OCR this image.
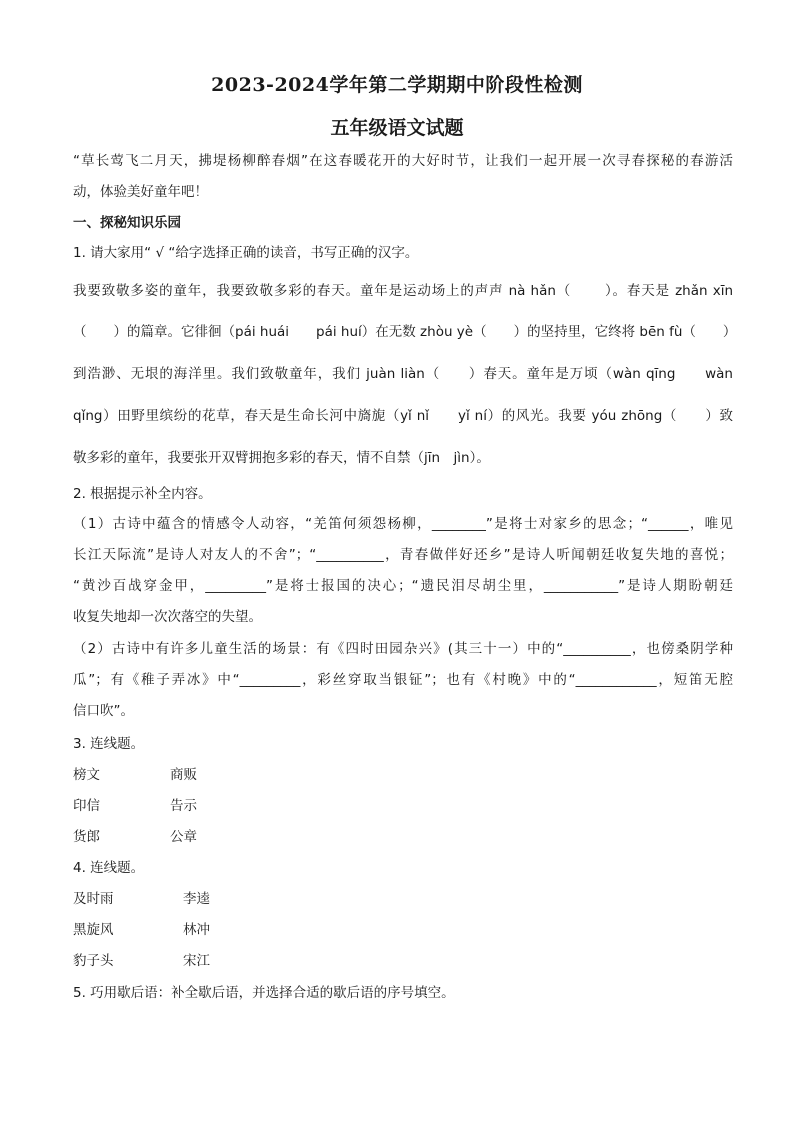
2023-2024学年第二学期期中阶段性检测
五年级语文试题
“草长莺飞二月天，拂堤杨柳醉春烟”在这春暖花开的大好时节，让我们一起开展一次寻春探秘的春游活
动，体验美好童年吧！
一、探秘知识乐园
1. 请大家用“ √ “给字选择正确的读音，书写正确的汉字。
我要致敬多姿的童年，我要致敬多彩的春天。童年是运动场上的声声 nà hǎn（　　 ）。春天是 zhǎn xīn
（　　）的篇章。它徘徊（pái huái　　pái huí）在无数 zhòu yè（　　）的坚持里，它终将 bēn fù（　　）
到浩渺、无垠的海洋里。我们致敬童年，我们 juàn liàn（　　）春天。童年是万顷（wàn qīng　　wàn
qǐng）田野里缤纷的花草，春天是生命长河中旖旎（yǐ nǐ　　yǐ ní）的风光。我要 yóu zhōng（　　）致
敬多彩的童年，我要张开双臂拥抱多彩的春天，情不自禁（jīn　jìn）。
2. 根据提示补全内容。
（1）古诗中蕴含的情感令人动容，“羌笛何须怨杨柳，________”是将士对家乡的思念；“______，唯见
长江天际流”是诗人对友人的不舍”；“__________，青春做伴好还乡”是诗人听闻朝廷收复失地的喜悦；
“黄沙百战穿金甲，_________”是将士报国的决心；“遗民泪尽胡尘里，___________”是诗人期盼朝廷
收复失地却一次次落空的失望。
（2）古诗中有许多儿童生活的场景：有《四时田园杂兴》(其三十一）中的“__________，也傍桑阴学种
瓜”；有《稚子弄冰》中“_________，彩丝穿取当银钲”；也有《村晚》中的“____________，短笛无腔
信口吹”。
3. 连线题。
榜文
印信
货郎
商贩
告示
公章
4. 连线题。
及时雨
黑旋风
豹子头
李逵
林冲
宋江
5. 巧用歇后语：补全歇后语，并选择合适的歇后语的序号填空。
